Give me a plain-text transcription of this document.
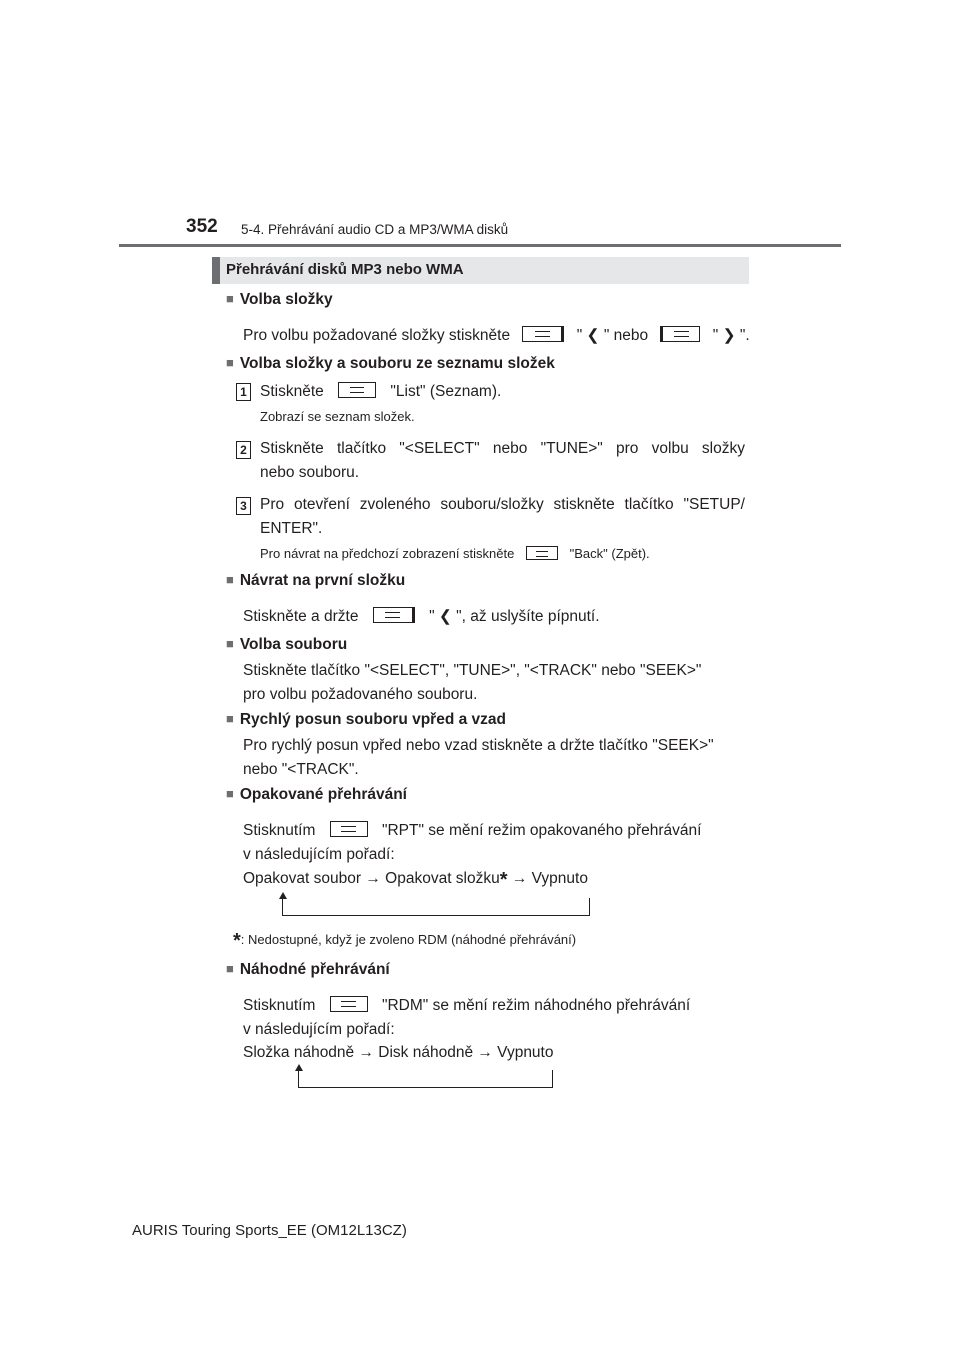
352 5-4. Přehrávání audio CD a MP3/WMA disků
Přehrávání disků MP3 nebo WMA
■ Volba složky
Pro volbu požadované složky stiskněte	" ❮ " nebo	" ❯ ".
■ Volba složky a souboru ze seznamu složek
1 Stiskněte	"List" (Seznam).
Zobrazí se seznam složek.
2 Stiskněte tlačítko "<SELECT" nebo "TUNE>" pro volbu složky
nebo souboru.
3 Pro otevření zvoleného souboru/složky stiskněte tlačítko "SETUP/
ENTER".
Pro návrat na předchozí zobrazení stiskněte	"Back" (Zpět).
■ Návrat na první složku
Stiskněte a držte	" ❮ ", až uslyšíte pípnutí.
■ Volba souboru
Stiskněte tlačítko "<SELECT", "TUNE>", "<TRACK" nebo "SEEK>"
pro volbu požadovaného souboru.
■ Rychlý posun souboru vpřed a vzad
Pro rychlý posun vpřed nebo vzad stiskněte a držte tlačítko "SEEK>"
nebo "<TRACK".
■ Opakované přehrávání
Stisknutím	"RPT" se mění režim opakovaného přehrávání
v následujícím pořadí:
Opakovat soubor → Opakovat složku* → Vypnuto
*: Nedostupné, když je zvoleno RDM (náhodné přehrávání)
■ Náhodné přehrávání
Stisknutím	"RDM" se mění režim náhodného přehrávání
v následujícím pořadí:
Složka náhodně → Disk náhodně → Vypnuto
AURIS Touring Sports_EE (OM12L13CZ)
